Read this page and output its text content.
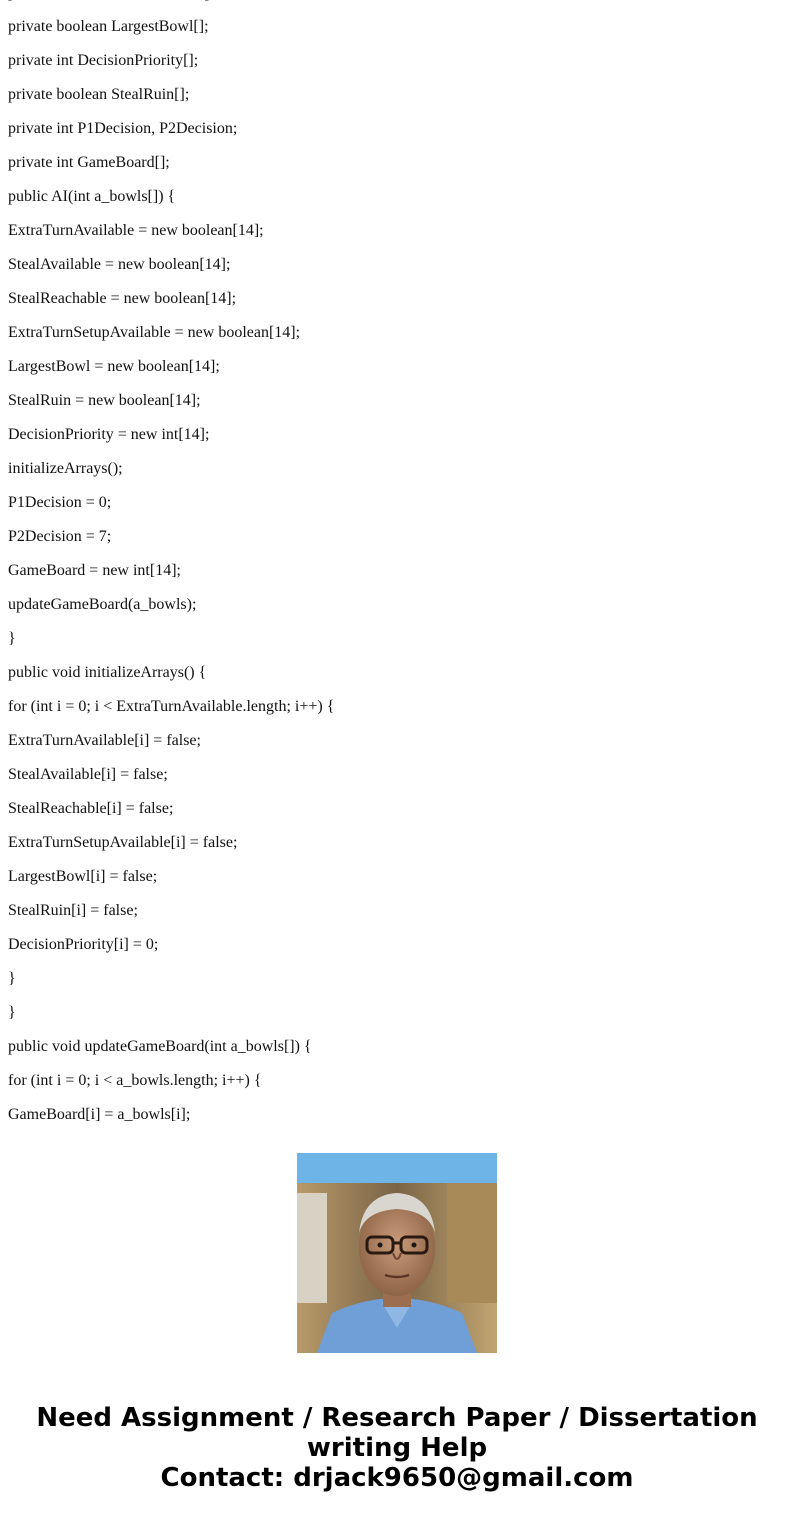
private boolean LargestBowl[];
private int DecisionPriority[];
private boolean StealRuin[];
private int P1Decision, P2Decision;
private int GameBoard[];
public AI(int a_bowls[]) {
ExtraTurnAvailable = new boolean[14];
StealAvailable = new boolean[14];
StealReachable = new boolean[14];
ExtraTurnSetupAvailable = new boolean[14];
LargestBowl = new boolean[14];
StealRuin = new boolean[14];
DecisionPriority = new int[14];
initializeArrays();
P1Decision = 0;
P2Decision = 7;
GameBoard = new int[14];
updateGameBoard(a_bowls);
}
public void initializeArrays() {
for (int i = 0; i < ExtraTurnAvailable.length; i++) {
ExtraTurnAvailable[i] = false;
StealAvailable[i] = false;
StealReachable[i] = false;
ExtraTurnSetupAvailable[i] = false;
LargestBowl[i] = false;
StealRuin[i] = false;
DecisionPriority[i] = 0;
}
}
public void updateGameBoard(int a_bowls[]) {
for (int i = 0; i < a_bowls.length; i++) {
GameBoard[i] = a_bowls[i];
Need Assignment / Research Paper / Dissertation
writing Help
Contact: drjack9650@gmail.com
